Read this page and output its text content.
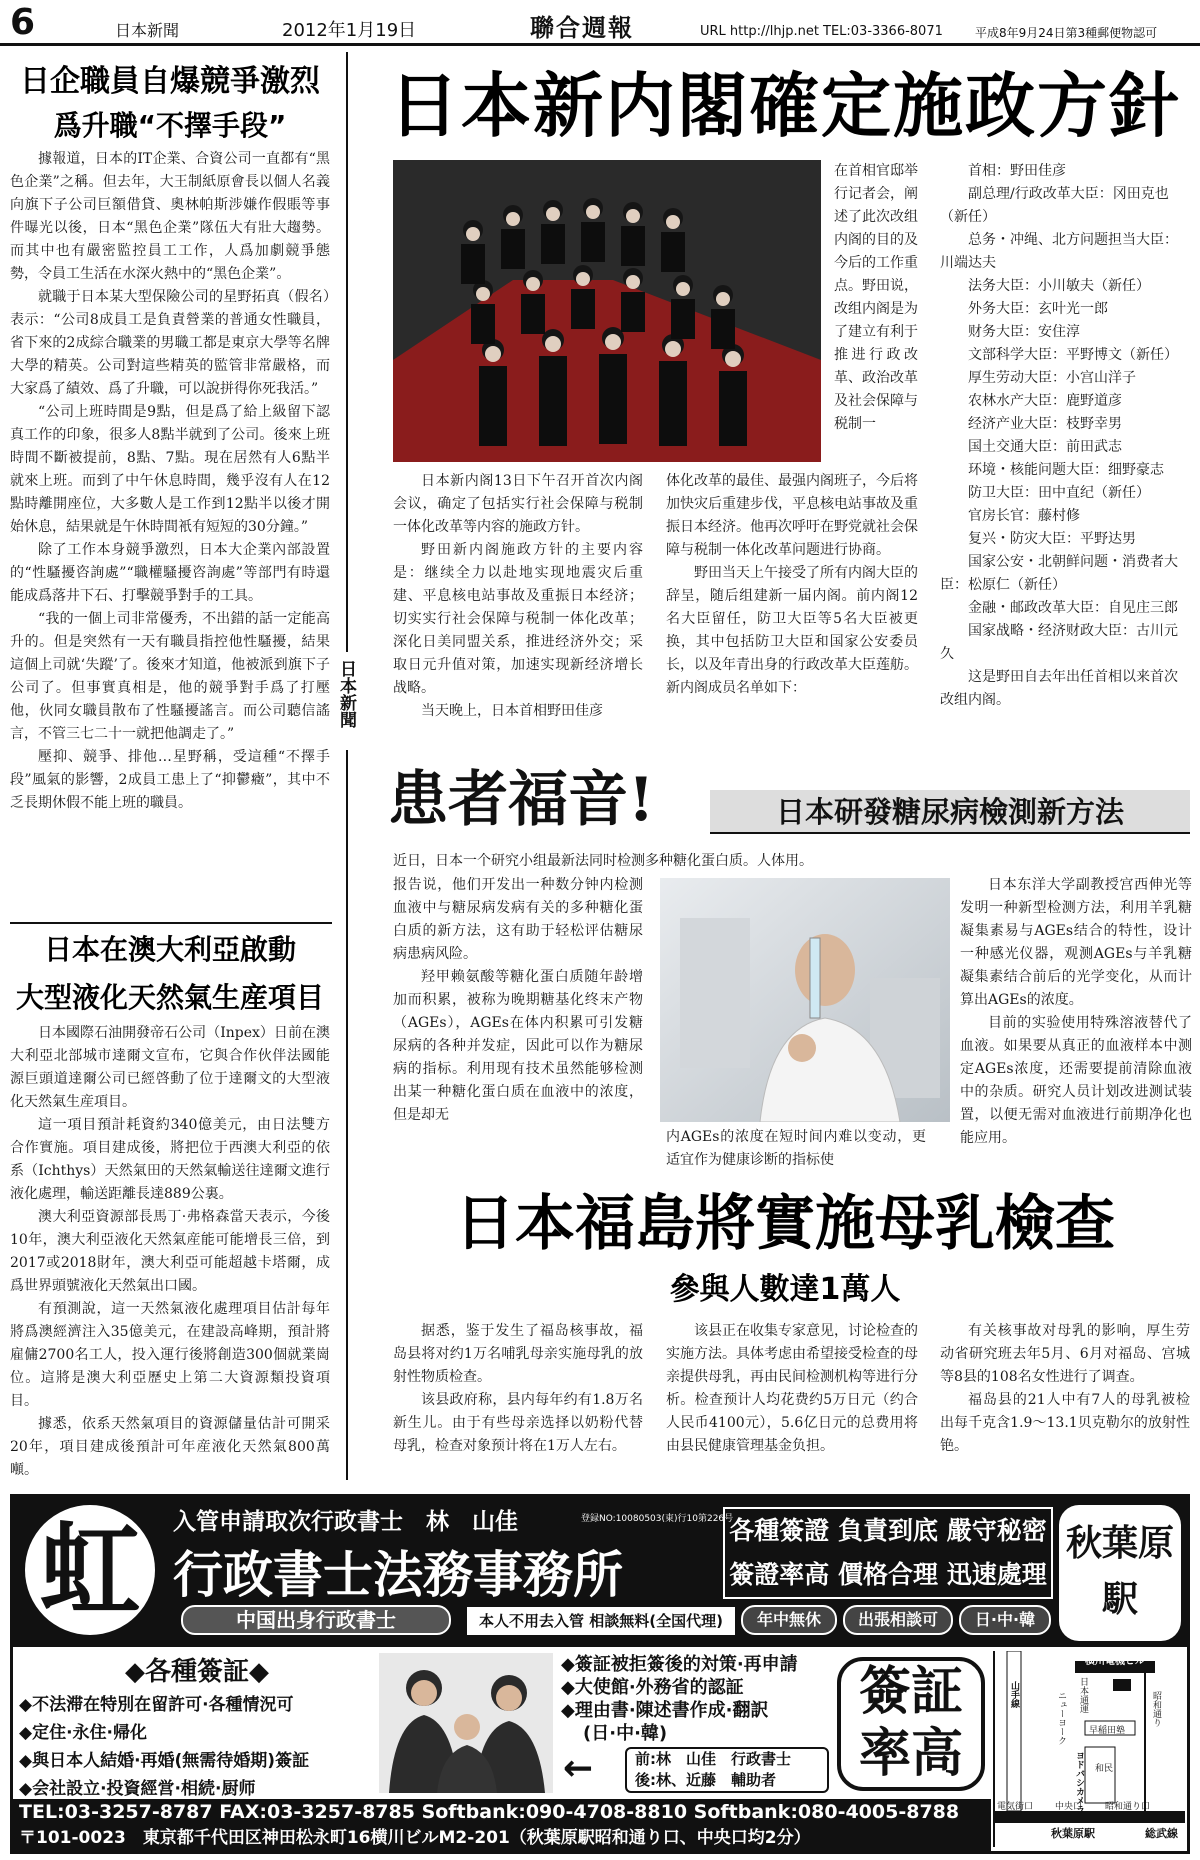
6	日本新聞	2012年1月19日	聯合週報	URL http://lhjp.net TEL:03-3366-8071	平成8年9月24日第3種郵便物認可
日企職員自爆競爭激烈
爲升職“不擇手段”

據報道，日本的IT企業、合資公司一直都有“黑色企業”之稱。但去年，大王制紙原會長以個人名義向旗下子公司巨額借貸、奧林帕斯涉嫌作假賬等事件曝光以後，日本“黑色企業”隊伍大有壯大趨勢。而其中也有嚴密監控員工工作，人爲加劇競爭態勢，令員工生活在水深火熱中的“黑色企業”。

就職于日本某大型保險公司的星野拓真（假名）表示：“公司8成員工是負責營業的普通女性職員，省下來的2成綜合職業的男職工都是東京大學等名牌大學的精英。公司對這些精英的監管非常嚴格，而大家爲了績效、爲了升職，可以說拼得你死我活。”

“公司上班時間是9點，但是爲了給上級留下認真工作的印象，很多人8點半就到了公司。後來上班時間不斷被提前，8點、7點。現在居然有人6點半就來上班。而到了中午休息時間，幾乎沒有人在12點時離開座位，大多數人是工作到12點半以後才開始休息，結果就是午休時間衹有短短的30分鐘。”

除了工作本身競爭激烈，日本大企業內部設置的“性騷擾咨詢處”“職權騷擾咨詢處”等部門有時還能成爲落井下石、打擊競爭對手的工具。

“我的一個上司非常優秀，不出錯的話一定能高升的。但是突然有一天有職員指控他性騷擾，結果這個上司就‘失蹤’了。後來才知道，他被派到旗下子公司了。但事實真相是，他的競爭對手爲了打壓他，伙同女職員散布了性騷擾謠言。而公司聽信謠言，不管三七二十一就把他調走了。”

壓抑、競爭、排他…星野稱，受這種“不擇手段”風氣的影響，2成員工患上了“抑鬱癥”，其中不乏長期休假不能上班的職員。

日本在澳大利亞啟動
大型液化天然氣生産項目

日本國際石油開發帝石公司（Inpex）日前在澳大利亞北部城市達爾文宣布，它與合作伙伴法國能源巨頭道達爾公司已經啓動了位于達爾文的大型液化天然氣生産項目。

這一項目預計耗資約340億美元，由日法雙方合作實施。項目建成後，將把位于西澳大利亞的依系（Ichthys）天然氣田的天然氣輸送往達爾文進行液化處理，輸送距離長達889公裏。

澳大利亞資源部長馬丁·弗格森當天表示，今後10年，澳大利亞液化天然氣産能可能增長三倍，到2017或2018財年，澳大利亞可能超越卡塔爾，成爲世界頭號液化天然氣出口國。

有預測說，這一天然氣液化處理項目估計每年將爲澳經濟注入35億美元，在建設高峰期，預計將雇傭2700名工人，投入運行後將創造300個就業崗位。這將是澳大利亞歷史上第二大資源類投資項目。

據悉，依系天然氣項目的資源儲量估計可開采20年，項目建成後預計可年産液化天然氣800萬噸。

日本新聞
日本新内閣確定施政方針
在首相官邸举行记者会，阐述了此次改组内阁的目的及今后的工作重点。野田说，改组内阁是为了建立有利于推进行政改革、政治改革及社会保障与税制一

日本新内阁13日下午召开首次内阁会议，确定了包括实行社会保障与税制一体化改革等内容的施政方针。

野田新内阁施政方针的主要内容是：继续全力以赴地实现地震灾后重建、平息核电站事故及重振日本经济；切实实行社会保障与税制一体化改革；深化日美同盟关系，推进经济外交；采取日元升值对策，加速实现新经济增长战略。

当天晚上，日本首相野田佳彦

体化改革的最佳、最强内阁班子，今后将加快灾后重建步伐，平息核电站事故及重振日本经济。他再次呼吁在野党就社会保障与税制一体化改革问题进行协商。

野田当天上午接受了所有内阁大臣的辞呈，随后组建新一届内阁。前内阁12名大臣留任，防卫大臣等5名大臣被更换，其中包括防卫大臣和国家公安委员长，以及年青出身的行政改革大臣莲舫。新内阁成员名单如下：

首相：野田佳彦
副总理/行政改革大臣：冈田克也（新任）
总务・冲绳、北方问题担当大臣：川端达夫
法务大臣：小川敏夫（新任）
外务大臣：玄叶光一郎
财务大臣：安住淳
文部科学大臣：平野博文（新任）
厚生劳动大臣：小宫山洋子
农林水产大臣：鹿野道彦
经济产业大臣：枝野幸男
国土交通大臣：前田武志
环境・核能问题大臣：细野豪志
防卫大臣：田中直纪（新任）
官房长官：藤村修
复兴・防灾大臣：平野达男
国家公安・北朝鲜问题・消费者大臣：松原仁（新任）
金融・邮政改革大臣：自见庄三郎
国家战略・经济财政大臣：古川元久
这是野田自去年出任首相以来首次改组内阁。
患者福音!	日本研發糖尿病檢測新方法
近日，日本一个研究小组最新法同时检测多种糖化蛋白质。人体用。
报告说，他们开发出一种数分钟内检测血液中与糖尿病发病有关的多种糖化蛋白质的新方法，这有助于轻松评估糖尿病患病风险。

羟甲赖氨酸等糖化蛋白质随年龄增加而积累，被称为晚期糖基化终末产物（AGEs），AGEs在体内积累可引发糖尿病的各种并发症，因此可以作为糖尿病的指标。利用现有技术虽然能够检测出某一种糖化蛋白质在血液中的浓度，但是却无

内AGEs的浓度在短时间内难以变动，更适宜作为健康诊断的指标使

日本东洋大学副教授宫西伸光等发明一种新型检测方法，利用羊乳糖凝集素易与AGEs结合的特性，设计一种感光仪器，观测AGEs与羊乳糖凝集素结合前后的光学变化，从而计算出AGEs的浓度。

目前的实验使用特殊溶液替代了血液。如果要从真正的血液样本中测定AGEs浓度，还需要提前清除血液中的杂质。研究人员计划改进测试装置，以便无需对血液进行前期净化也能应用。

日本福島將實施母乳檢查
參與人數達1萬人

据悉，鉴于发生了福岛核事故，福岛县将对约1万名哺乳母亲实施母乳的放射性物质检查。

该县政府称，县内每年约有1.8万名新生儿。由于有些母亲选择以奶粉代替母乳，检查对象预计将在1万人左右。

该县正在收集专家意见，讨论检查的实施方法。具体考虑由希望接受检查的母亲提供母乳，再由民间检测机构等进行分析。检查预计人均花费约5万日元（约合人民币4100元），5.6亿日元的总费用将由县民健康管理基金负担。

有关核事故对母乳的影响，厚生劳动省研究班去年5月、6月对福岛、宫城等8县的108名女性进行了调查。

福岛县的21人中有7人的母乳被检出每千克含1.9～13.1贝克勒尔的放射性铯。

虹	入管申請取次行政書士　林　山佳	登録NO:10080503(東)行10第226号
行政書士法務事務所
中国出身行政書士
各種簽證 負責到底 嚴守秘密
簽證率高 價格合理 迅速處理
秋葉原
駅
本人不用去入管 相談無料(全国代理)	年中無休	出張相談可	日·中·韓
◆各種簽証◆
◆不法滞在特別在留許可·各種情況可
◆定住·永住·帰化
◆與日本人結婚·再婚(無需待婚期)簽証
◆会社設立·投資經営·相続·厨师
◆簽証被拒簽後的対策·再申請
◆大使館·外務省的認証
◆理由書·陳述書作成·翻訳
(日·中·韓)
←	前:林　山佳　行政書士
後:林、近藤　輔助者
簽証
率高
横川電機ビル
山手線	日本通運
ニューヨーク	早稲田塾
ヨドバシカメラ 和民
昭和通り
電気街口 中央口
秋葉原駅
昭和通り口
総武線
TEL:03-3257-8787 FAX:03-3257-8785 Softbank:090-4708-8810 Softbank:080-4005-8788
〒101-0023　東京都千代田区神田松永町16横川ビルM2-201（秋葉原駅昭和通り口、中央口均2分）
